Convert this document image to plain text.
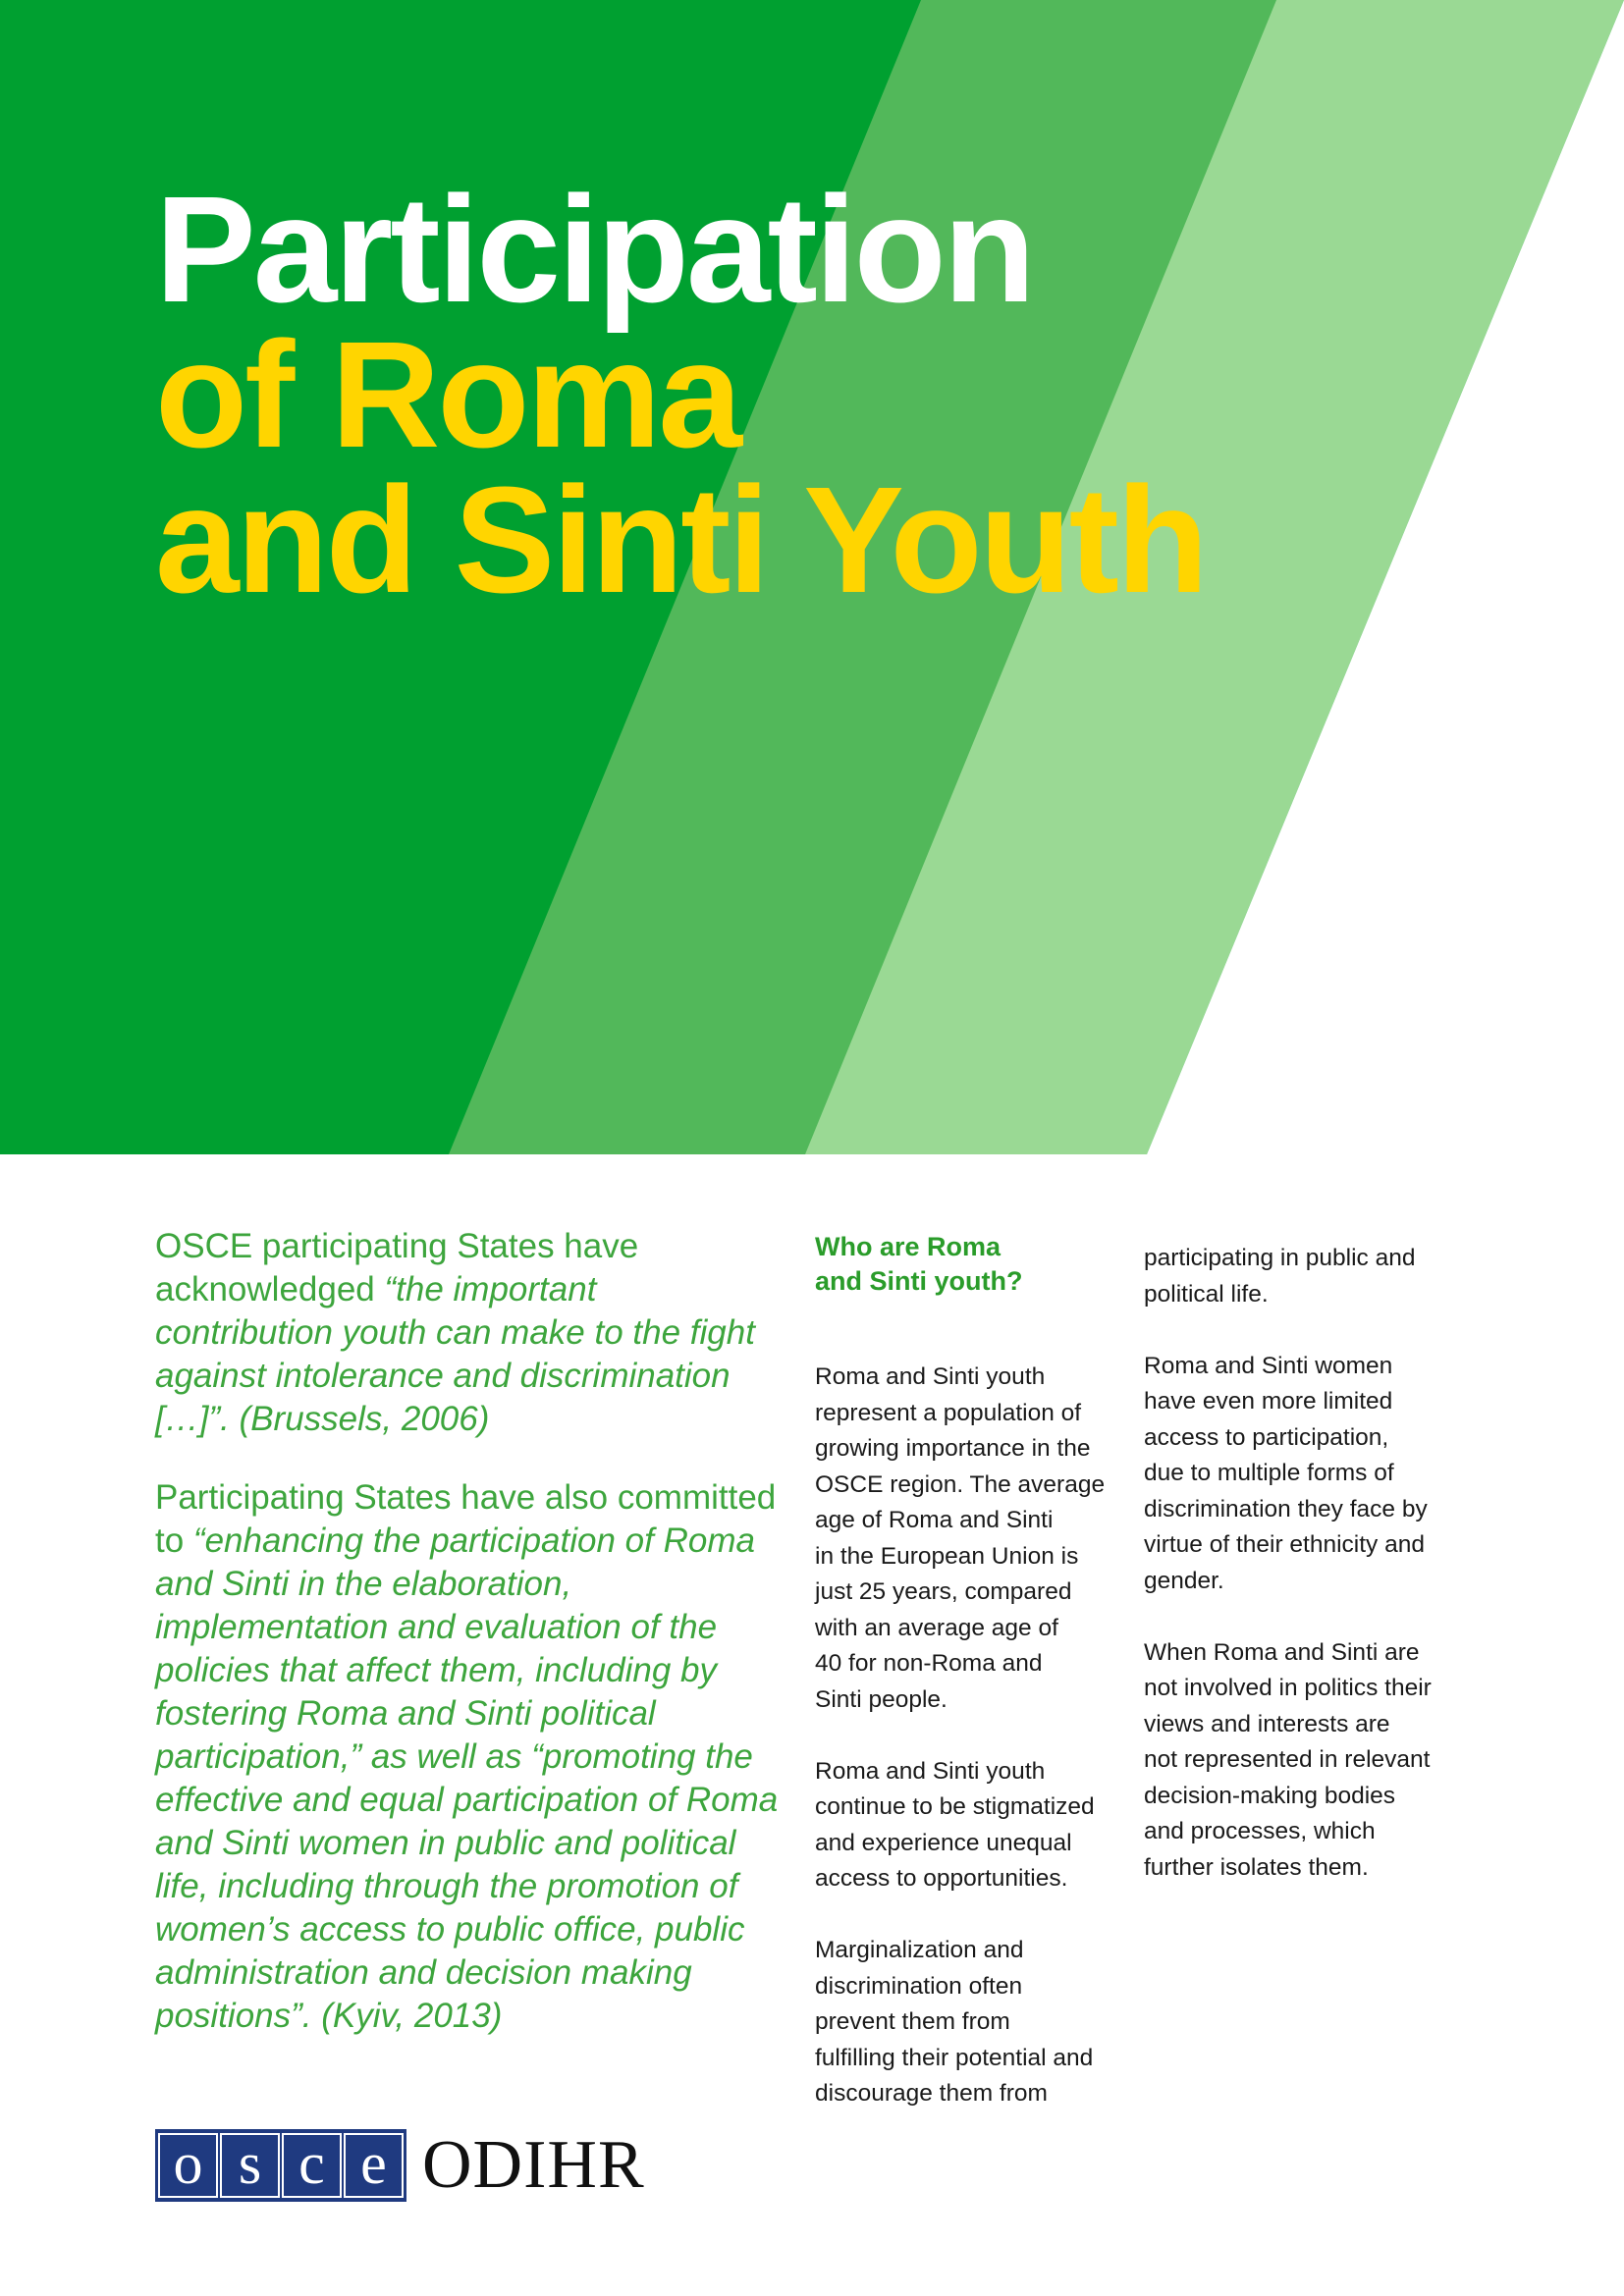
Participation
of Roma
and Sinti Youth

OSCE participating States have acknowledged “the important contribution youth can make to the fight against intolerance and discrimination […]”. (Brussels, 2006)

Participating States have also committed to “enhancing the participation of Roma and Sinti in the elaboration, implementation and evaluation of the policies that affect them, including by fostering Roma and Sinti political participation,” as well as “promoting the effective and equal participation of Roma and Sinti women in public and political life, including through the promotion of women’s access to public office, public administration and decision making positions”. (Kyiv, 2013)

Who are Roma
and Sinti youth?

Roma and Sinti youth
represent a population of
growing importance in the
OSCE region. The average
age of Roma and Sinti
in the European Union is
just 25 years, compared
with an average age of
40 for non-Roma and
Sinti people.

Roma and Sinti youth
continue to be stigmatized
and experience unequal
access to opportunities.

Marginalization and
discrimination often
prevent them from
fulfilling their potential and
discourage them from

participating in public and
political life.

Roma and Sinti women
have even more limited
access to participation,
due to multiple forms of
discrimination they face by
virtue of their ethnicity and
gender.

When Roma and Sinti are
not involved in politics their
views and interests are
not represented in relevant
decision-making bodies
and processes, which
further isolates them.

o s c e ODIHR
